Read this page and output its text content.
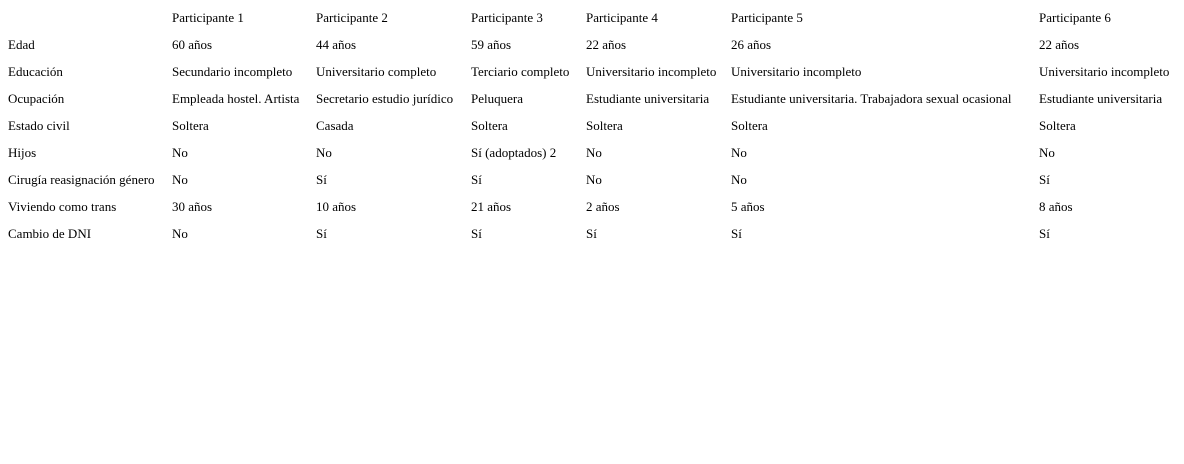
	Participante 1	Participante 2	Participante 3	Participante 4	Participante 5	Participante 6
Edad	60 años	44 años	59 años	22 años	26 años	22 años
Educación	Secundario incompleto	Universitario completo	Terciario completo	Universitario incompleto	Universitario incompleto	Universitario incompleto
Ocupación	Empleada hostel. Artista	Secretario estudio jurídico	Peluquera	Estudiante universitaria	Estudiante universitaria. Trabajadora sexual ocasional	Estudiante universitaria
Estado civil	Soltera	Casada	Soltera	Soltera	Soltera	Soltera
Hijos	No	No	Sí (adoptados) 2	No	No	No
Cirugía reasignación género	No	Sí	Sí	No	No	Sí
Viviendo como trans	30 años	10 años	21 años	2 años	5 años	8 años
Cambio de DNI	No	Sí	Sí	Sí	Sí	Sí
